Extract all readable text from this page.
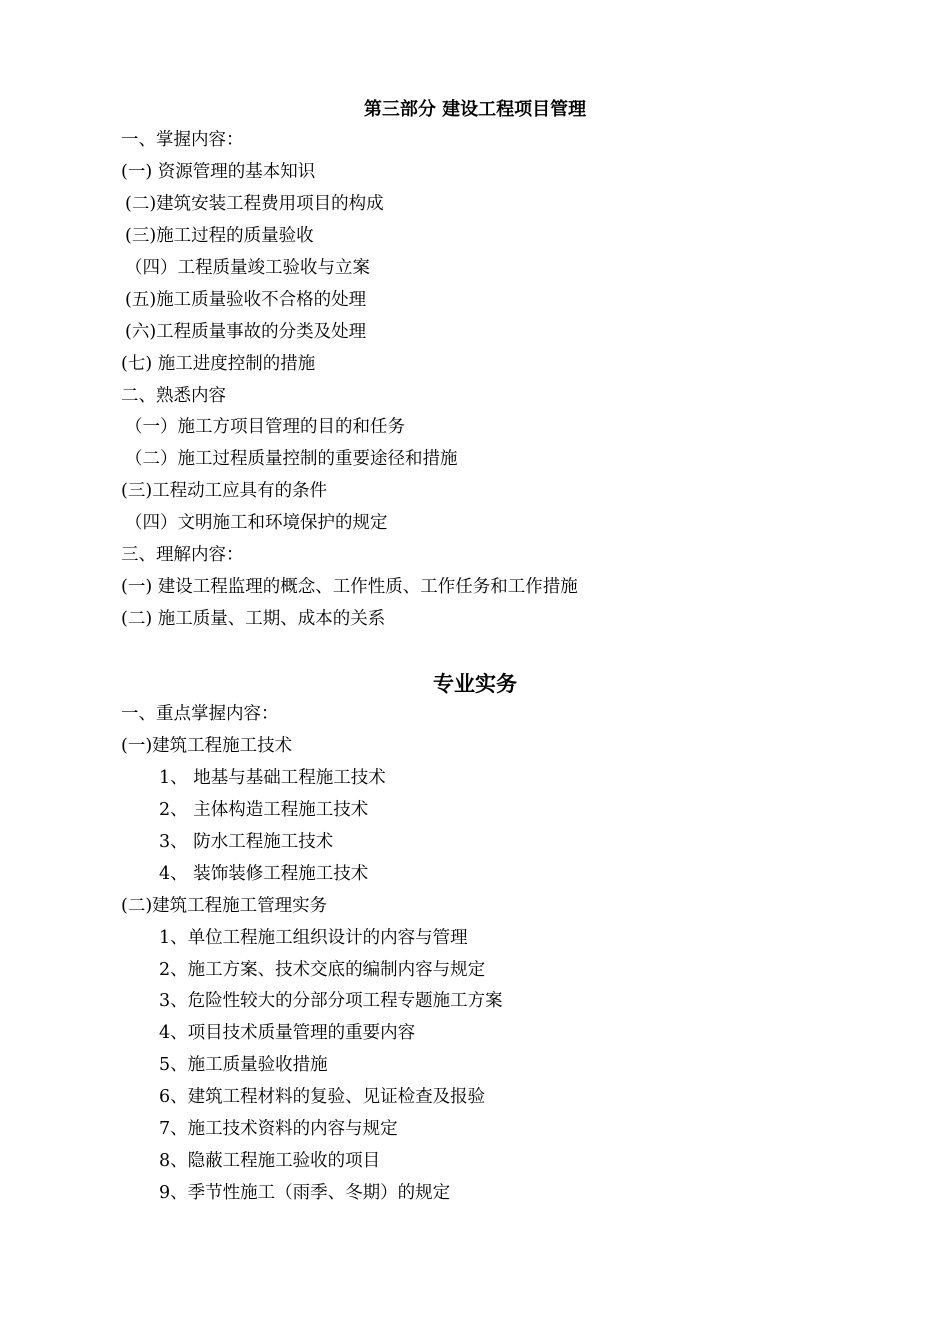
第三部分 建设工程项目管理
一、掌握内容：
(一) 资源管理的基本知识
(二)建筑安装工程费用项目的构成
(三)施工过程的质量验收
（四）工程质量竣工验收与立案
(五)施工质量验收不合格的处理
(六)工程质量事故的分类及处理
(七) 施工进度控制的措施
二、熟悉内容
（一）施工方项目管理的目的和任务
（二）施工过程质量控制的重要途径和措施
(三)工程动工应具有的条件
（四）文明施工和环境保护的规定
三、理解内容：
(一) 建设工程监理的概念、工作性质、工作任务和工作措施
(二) 施工质量、工期、成本的关系
专业实务
一、重点掌握内容：
(一)建筑工程施工技术
1、 地基与基础工程施工技术
2、 主体构造工程施工技术
3、 防水工程施工技术
4、 装饰装修工程施工技术
(二)建筑工程施工管理实务
1、单位工程施工组织设计的内容与管理
2、施工方案、技术交底的编制内容与规定
3、危险性较大的分部分项工程专题施工方案
4、项目技术质量管理的重要内容
5、施工质量验收措施
6、建筑工程材料的复验、见证检查及报验
7、施工技术资料的内容与规定
8、隐蔽工程施工验收的项目
9、季节性施工（雨季、冬期）的规定
